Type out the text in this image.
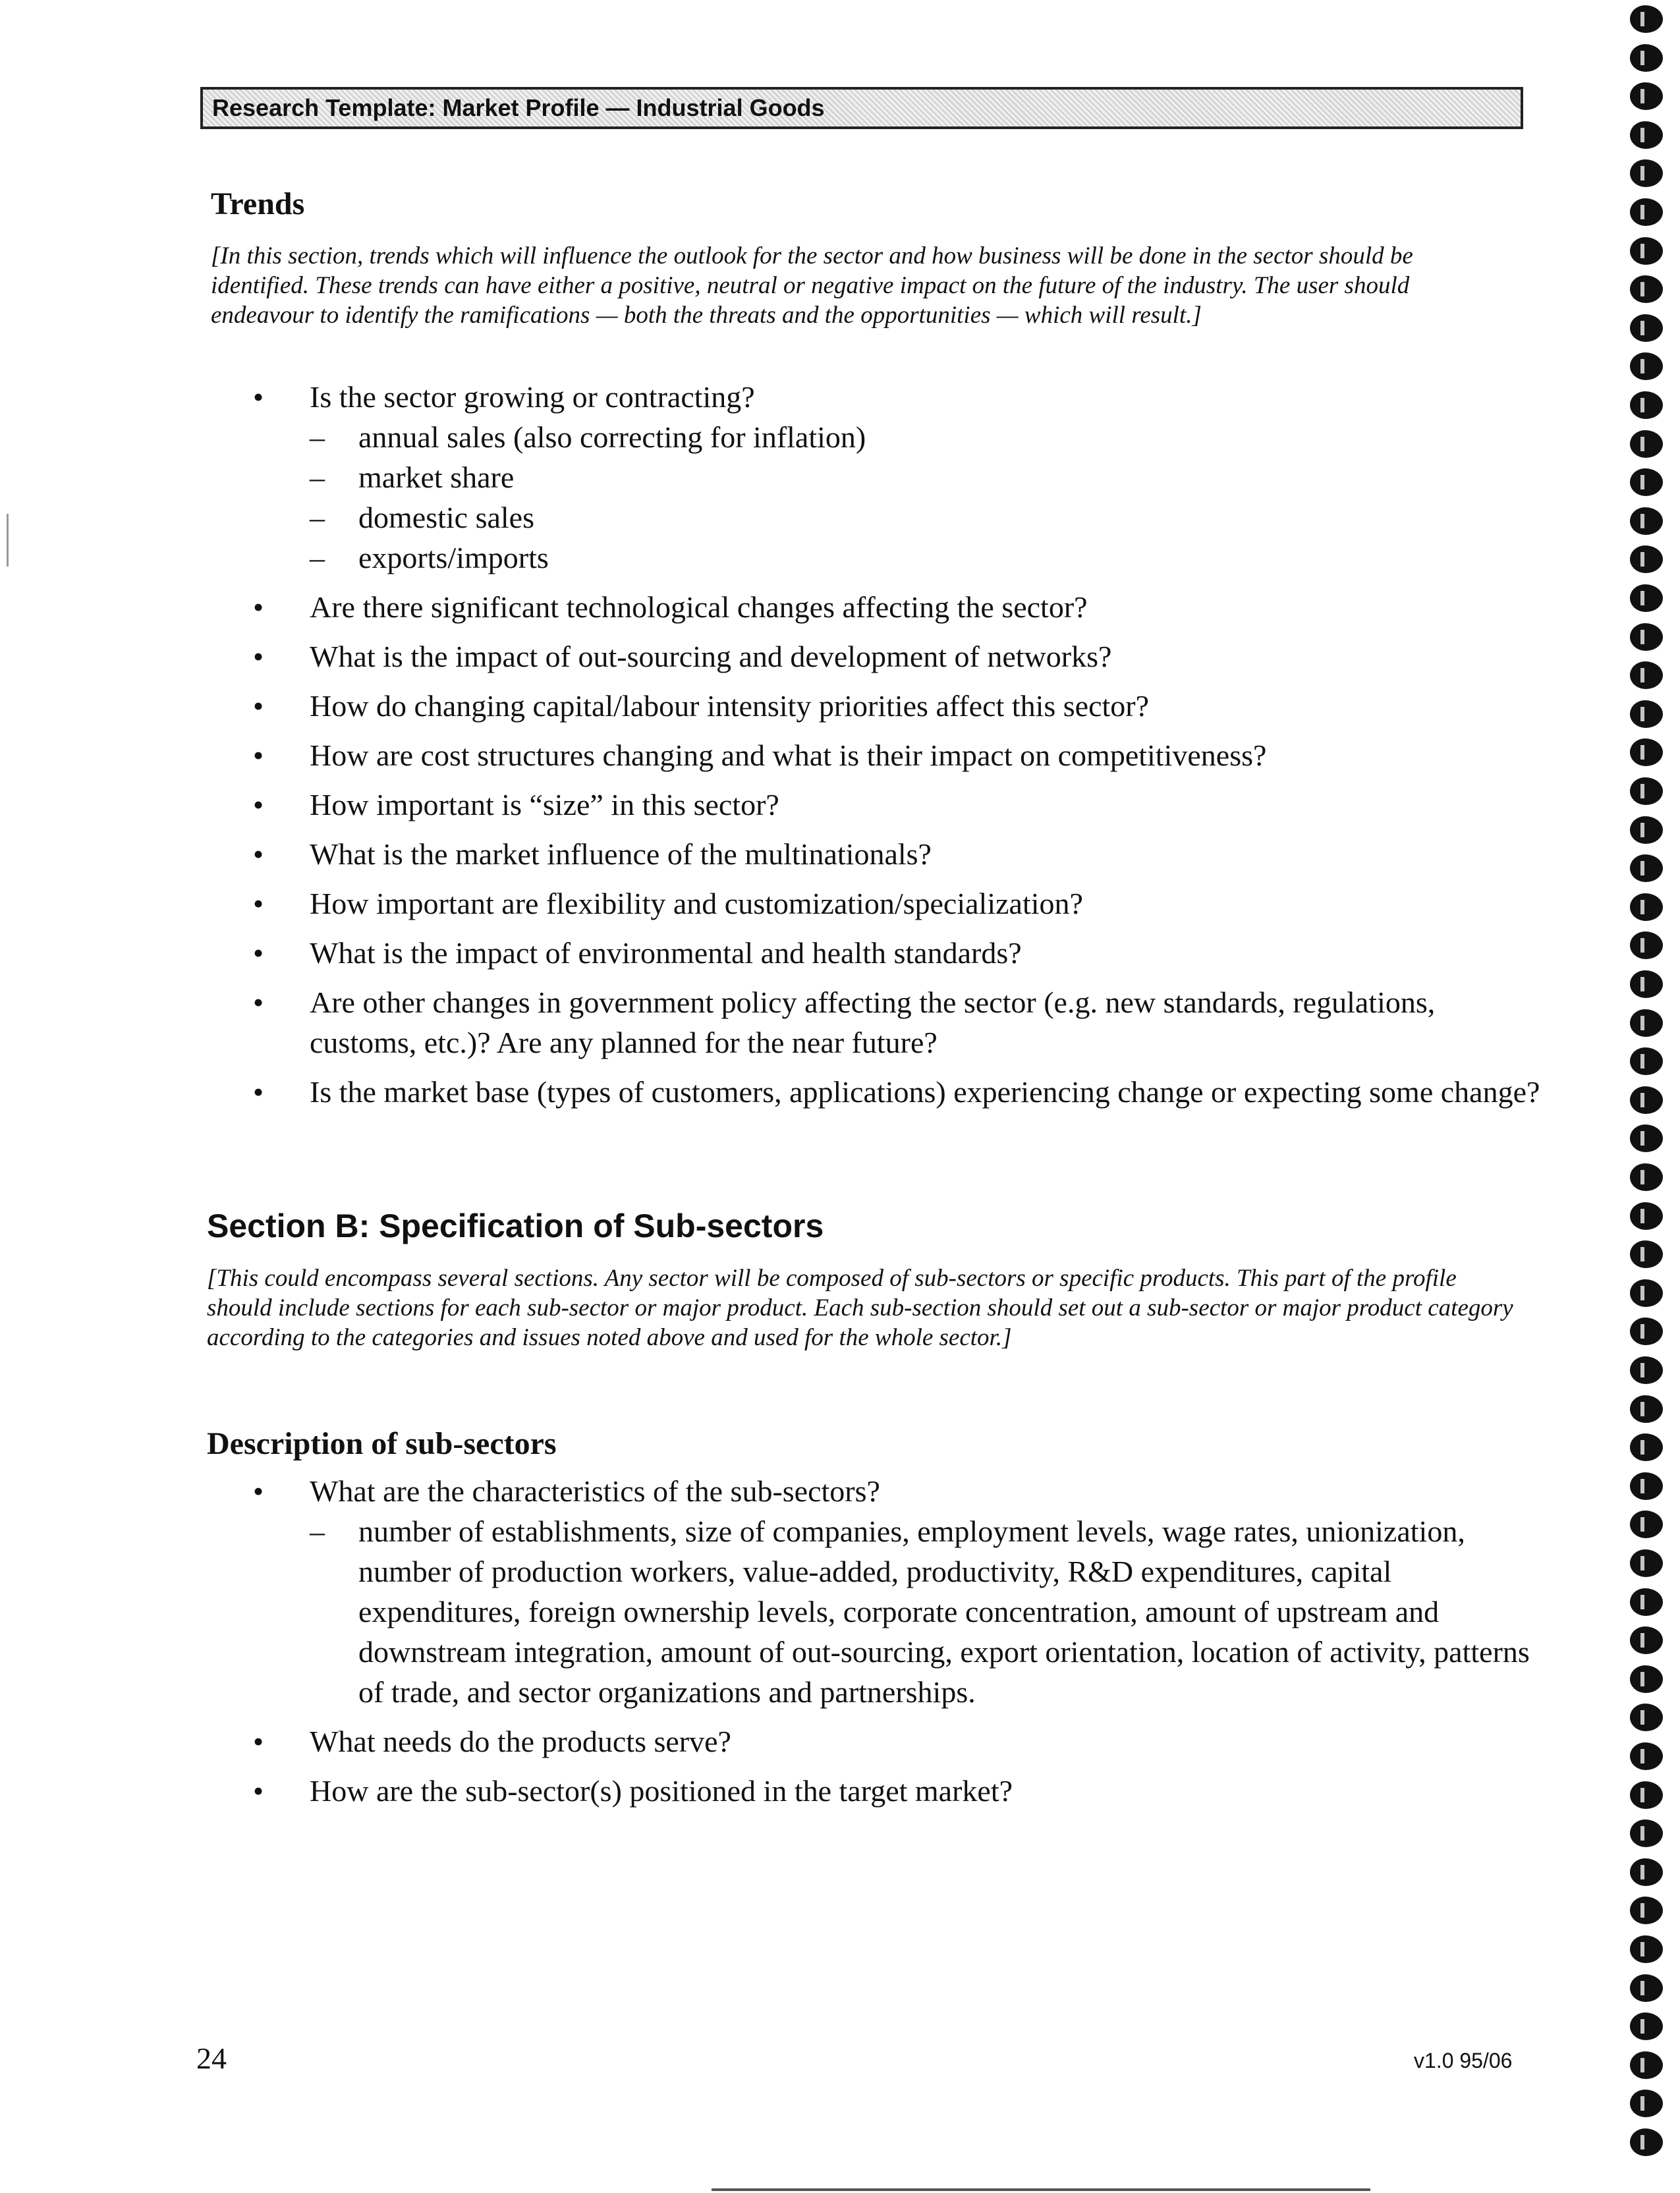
Research Template: Market Profile — Industrial Goods
Trends
[In this section, trends which will influence the outlook for the sector and how business will be done in the sector should be identified. These trends can have either a positive, neutral or negative impact on the future of the industry. The user should endeavour to identify the ramifications — both the threats and the opportunities — which will result.]
•	Is the sector growing or contracting?
– annual sales (also correcting for inflation)
– market share
– domestic sales
– exports/imports
•	Are there significant technological changes affecting the sector?
•	What is the impact of out-sourcing and development of networks?
•	How do changing capital/labour intensity priorities affect this sector?
•	How are cost structures changing and what is their impact on competitiveness?
•	How important is “size” in this sector?
•	What is the market influence of the multinationals?
•	How important are flexibility and customization/specialization?
•	What is the impact of environmental and health standards?
•	Are other changes in government policy affecting the sector (e.g. new standards, regulations, customs, etc.)? Are any planned for the near future?
•	Is the market base (types of customers, applications) experiencing change or expecting some change?
Section B: Specification of Sub-sectors
[This could encompass several sections. Any sector will be composed of sub-sectors or specific products. This part of the profile should include sections for each sub-sector or major product. Each sub-section should set out a sub-sector or major product category according to the categories and issues noted above and used for the whole sector.]
Description of sub-sectors
•	What are the characteristics of the sub-sectors?
– number of establishments, size of companies, employment levels, wage rates, unionization, number of production workers, value-added, productivity, R&D expenditures, capital expenditures, foreign ownership levels, corporate concentration, amount of upstream and downstream integration, amount of out-sourcing, export orientation, location of activity, patterns of trade, and sector organizations and partnerships.
•	What needs do the products serve?
•	How are the sub-sector(s) positioned in the target market?
24	v1.0 95/06
